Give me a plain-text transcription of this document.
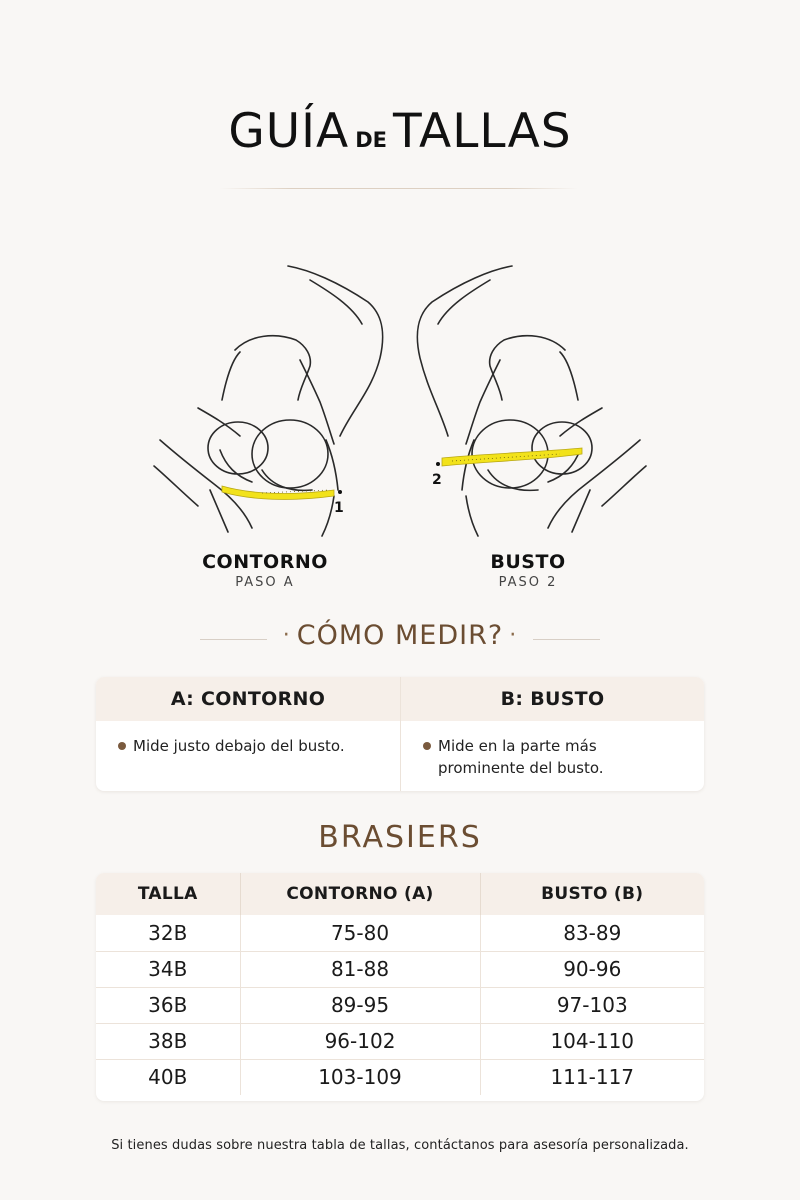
GUÍA DE TALLAS
1
2
CONTORNO
PASO A
BUSTO
PASO 2
· CÓMO MEDIR? ·
A: CONTORNO
Mide justo debajo del busto.
B: BUSTO
Mide en la parte más
prominente del busto.
BRASIERS
TALLA	CONTORNO (A)	BUSTO (B)
32B	75-80	83-89
34B	81-88	90-96
36B	89-95	97-103
38B	96-102	104-110
40B	103-109	111-117

Si tienes dudas sobre nuestra tabla de tallas, contáctanos para asesoría personalizada.
